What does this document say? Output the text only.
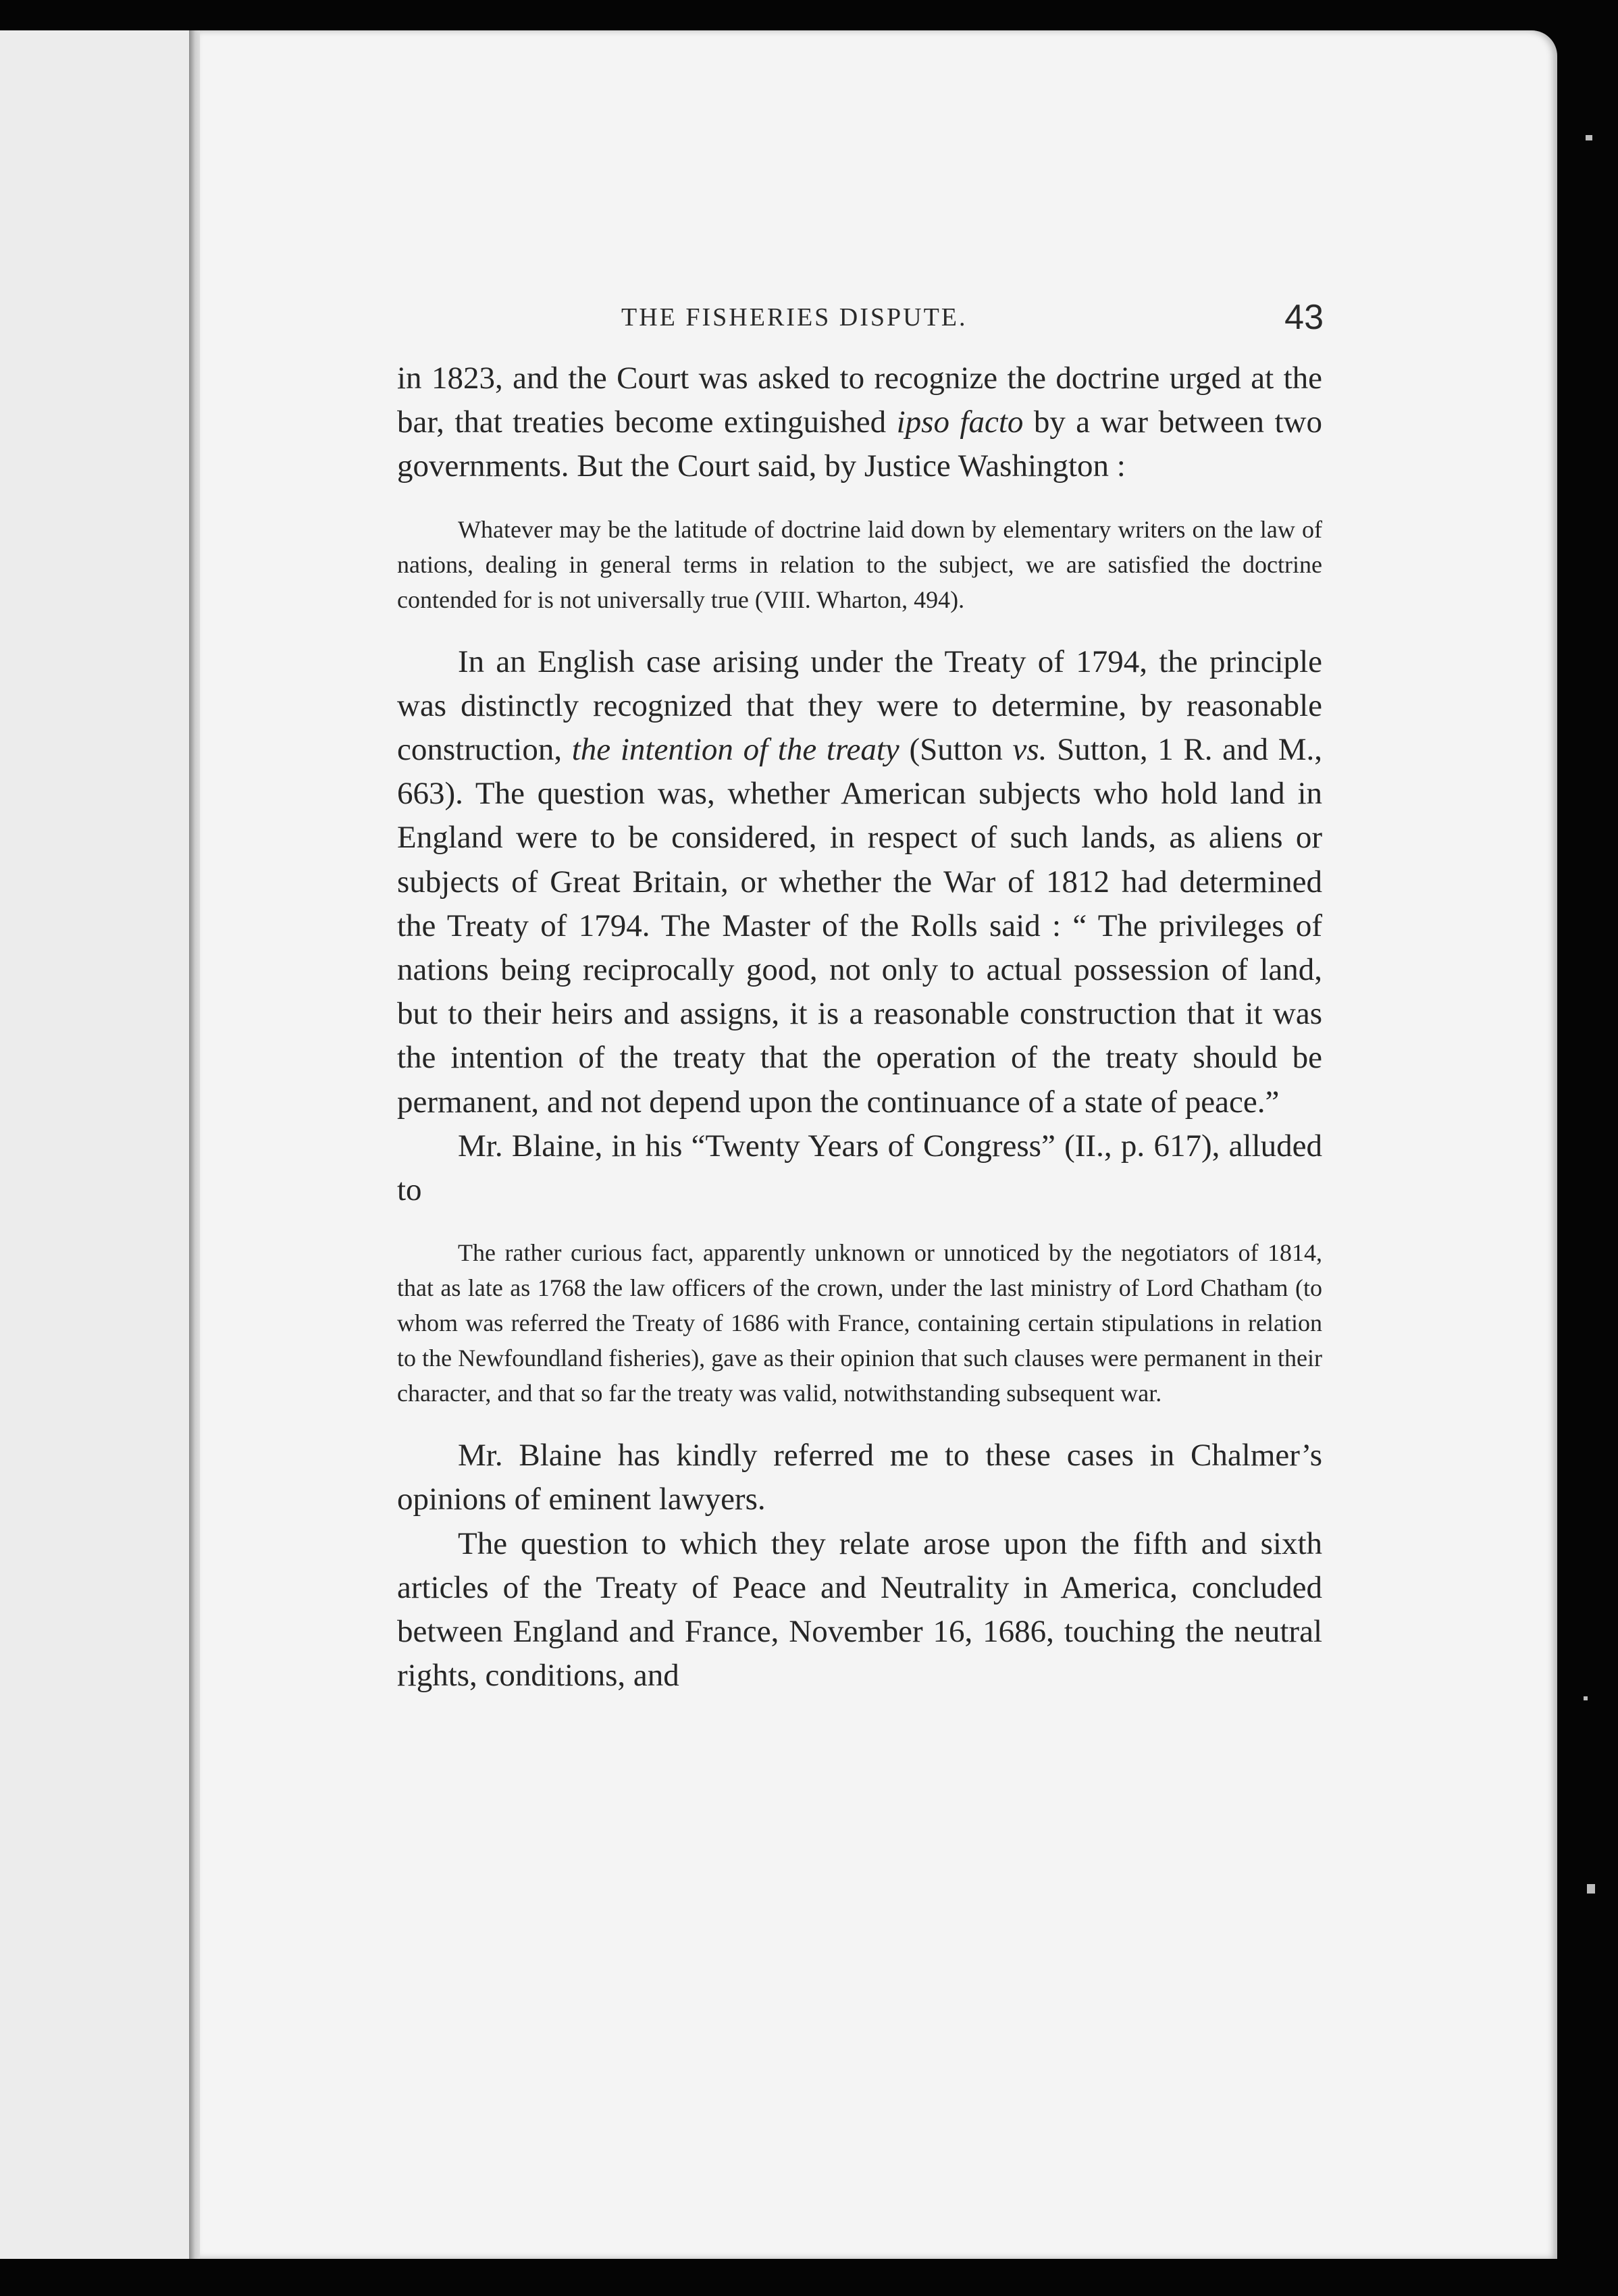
THE FISHERIES DISPUTE.	43

in 1823, and the Court was asked to recognize the doctrine urged at the bar, that treaties become extinguished ipso facto by a war between two governments. But the Court said, by Justice Washington :

Whatever may be the latitude of doctrine laid down by elementary writers on the law of nations, dealing in general terms in relation to the subject, we are satisfied the doctrine contended for is not universally true (VIII. Wharton, 494).

In an English case arising under the Treaty of 1794, the principle was distinctly recognized that they were to determine, by reasonable construction, the intention of the treaty (Sutton vs. Sutton, 1 R. and M., 663). The question was, whether American subjects who hold land in England were to be considered, in respect of such lands, as aliens or subjects of Great Britain, or whether the War of 1812 had determined the Treaty of 1794. The Master of the Rolls said : “ The privileges of nations being reciprocally good, not only to actual possession of land, but to their heirs and assigns, it is a reasonable construction that it was the intention of the treaty that the operation of the treaty should be permanent, and not depend upon the continuance of a state of peace.”

Mr. Blaine, in his “Twenty Years of Congress” (II., p. 617), alluded to

The rather curious fact, apparently unknown or unnoticed by the negotiators of 1814, that as late as 1768 the law officers of the crown, under the last ministry of Lord Chatham (to whom was referred the Treaty of 1686 with France, containing certain stipulations in relation to the Newfoundland fisheries), gave as their opinion that such clauses were permanent in their character, and that so far the treaty was valid, notwithstanding subsequent war.

Mr. Blaine has kindly referred me to these cases in Chalmer’s opinions of eminent lawyers.

The question to which they relate arose upon the fifth and sixth articles of the Treaty of Peace and Neutrality in America, concluded between England and France, November 16, 1686, touching the neutral rights, conditions, and
